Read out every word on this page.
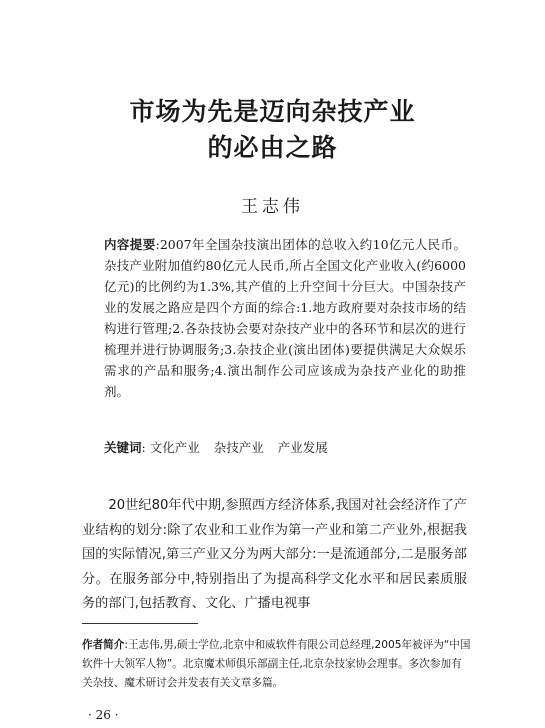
市场为先是迈向杂技产业
的必由之路

王志伟

内容提要:2007年全国杂技演出团体的总收入约10亿元人民币。杂技产业附加值约80亿元人民币,所占全国文化产业收入(约6000亿元)的比例约为1.3%,其产值的上升空间十分巨大。中国杂技产业的发展之路应是四个方面的综合:1.地方政府要对杂技市场的结构进行管理;2.各杂技协会要对杂技产业中的各环节和层次的进行梳理并进行协调服务;3.杂技企业(演出团体)要提供满足大众娱乐需求的产品和服务;4.演出制作公司应该成为杂技产业化的助推剂。

关键词: 文化产业 杂技产业 产业发展

20世纪80年代中期,参照西方经济体系,我国对社会经济作了产业结构的划分:除了农业和工业作为第一产业和第二产业外,根据我国的实际情况,第三产业又分为两大部分:一是流通部分,二是服务部分。在服务部分中,特别指出了为提高科学文化水平和居民素质服务的部门,包括教育、文化、广播电视事

作者简介:王志伟,男,硕士学位,北京中和威软件有限公司总经理,2005年被评为“中国软件十大领军人物”。北京魔术师俱乐部副主任,北京杂技家协会理事。多次参加有关杂技、魔术研讨会并发表有关文章多篇。

· 26 ·
